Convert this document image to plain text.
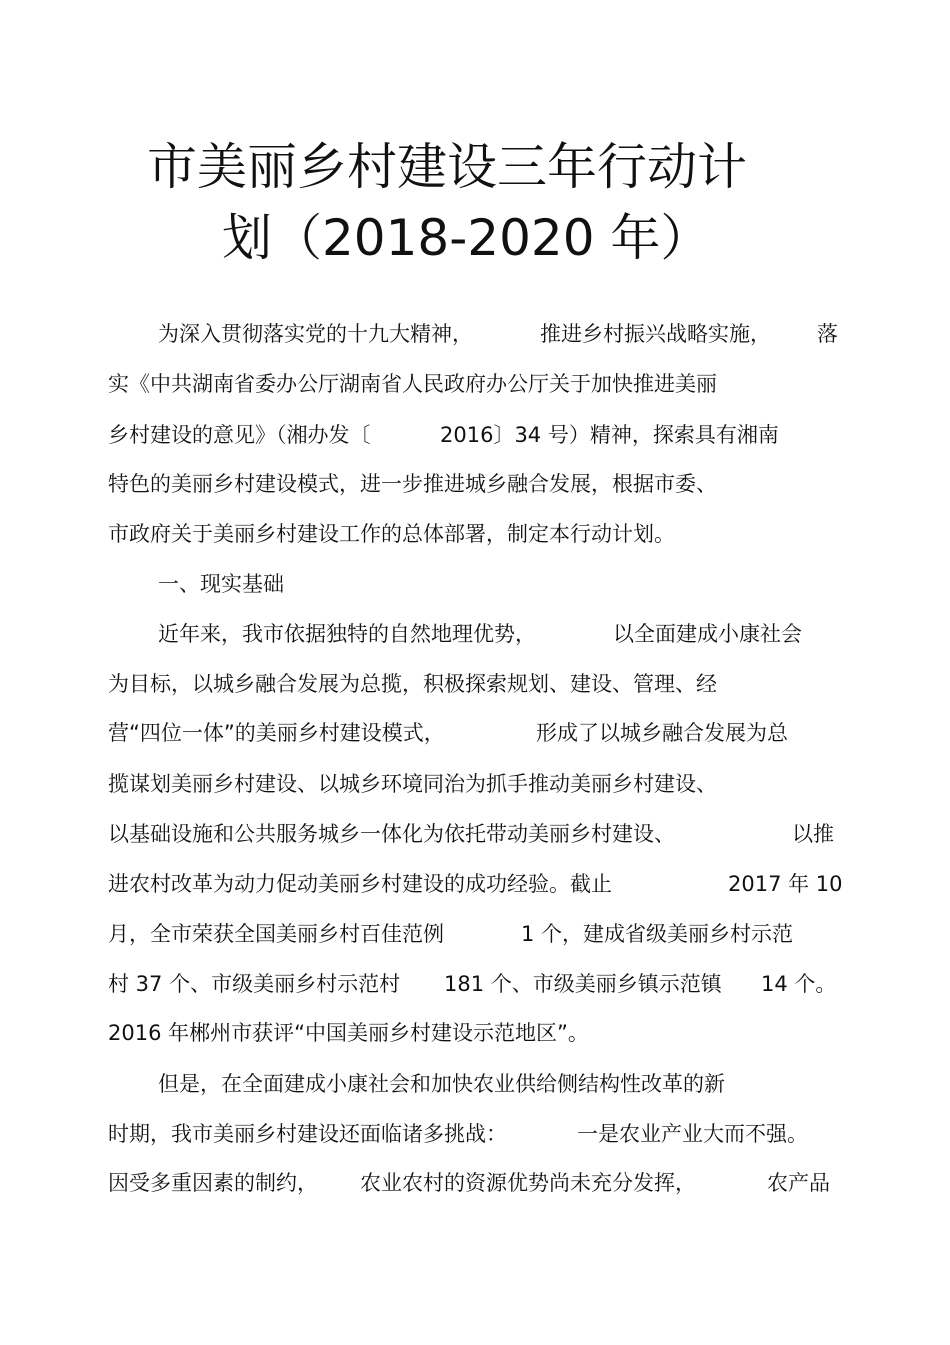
市美丽乡村建设三年行动计
划（2018-2020 年）
为深入贯彻落实党的十九大精神，	推进乡村振兴战略实施， 落
实《中共湖南省委办公厅湖南省人民政府办公厅关于加快推进美丽
乡村建设的意见》（湘办发〔	2016〕34 号）精神，探索具有湘南
特色的美丽乡村建设模式，进一步推进城乡融合发展，根据市委、
市政府关于美丽乡村建设工作的总体部署，制定本行动计划。
一、现实基础
近年来，我市依据独特的自然地理优势，	以全面建成小康社会
为目标，以城乡融合发展为总揽，积极探索规划、建设、管理、经
营“四位一体”的美丽乡村建设模式，	形成了以城乡融合发展为总
揽谋划美丽乡村建设、以城乡环境同治为抓手推动美丽乡村建设、
以基础设施和公共服务城乡一体化为依托带动美丽乡村建设、	以推
进农村改革为动力促动美丽乡村建设的成功经验。截止	2017 年 10
月，全市荣获全国美丽乡村百佳范例	1 个，建成省级美丽乡村示范
村 37 个、市级美丽乡村示范村 181 个、市级美丽乡镇示范镇 14 个。
2016 年郴州市获评“中国美丽乡村建设示范地区”。
但是，在全面建成小康社会和加快农业供给侧结构性改革的新
时期，我市美丽乡村建设还面临诸多挑战：	一是农业产业大而不强。
因受多重因素的制约， 农业农村的资源优势尚未充分发挥，	农产品
